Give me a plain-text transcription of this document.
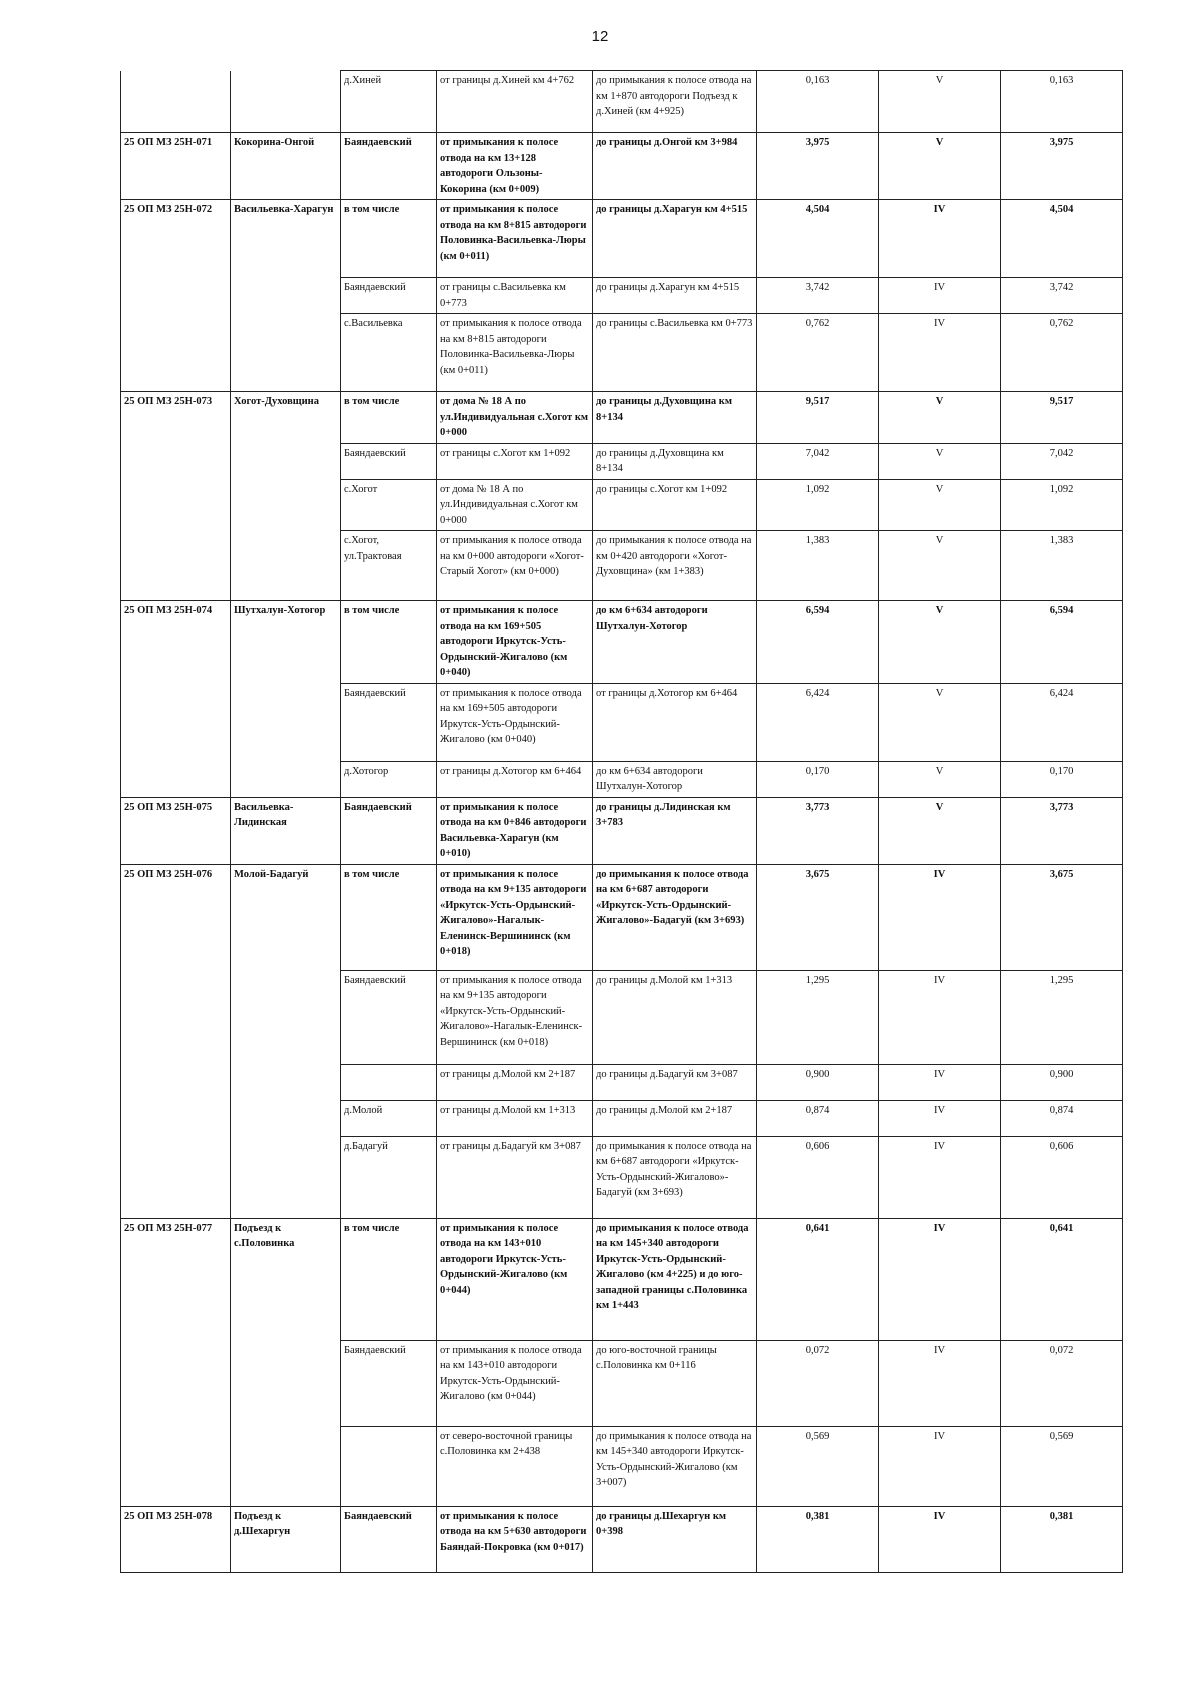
12
		д.Хиней	от границы д.Хиней км 4+762	до примыкания к полосе отвода на км 1+870 автодороги Подъезд к д.Хиней (км 4+925)	0,163	V	0,163
25 ОП МЗ 25Н-071	Кокорина-Онгой	Баяндаевский	от примыкания к полосе отвода на км 13+128 автодороги Ользоны-Кокорина (км 0+009)	до границы д.Онгой км 3+984	3,975	V	3,975
25 ОП МЗ 25Н-072	Васильевка-Харагун	в том числе	от примыкания к полосе отвода на км 8+815 автодороги Половинка-Васильевка-Люры (км 0+011)	до границы д.Харагун км 4+515	4,504	IV	4,504
		Баяндаевский	от границы с.Васильевка км 0+773	до границы д.Харагун км 4+515	3,742	IV	3,742
		с.Васильевка	от примыкания к полосе отвода на км 8+815 автодороги Половинка-Васильевка-Люры (км 0+011)	до границы с.Васильевка км 0+773	0,762	IV	0,762
25 ОП МЗ 25Н-073	Хогот-Духовщина	в том числе	от дома № 18 А по ул.Индивидуальная с.Хогот км 0+000	до границы д.Духовщина км 8+134	9,517	V	9,517
		Баяндаевский	от границы с.Хогот км 1+092	до границы д.Духовщина км 8+134	7,042	V	7,042
		с.Хогот	от дома № 18 А по ул.Индивидуальная с.Хогот км 0+000	до границы с.Хогот км 1+092	1,092	V	1,092
		с.Хогот, ул.Трактовая	от примыкания к полосе отвода на км 0+000 автодороги «Хогот-Старый Хогот» (км 0+000)	до примыкания к полосе отвода на км 0+420 автодороги «Хогот-Духовщина» (км 1+383)	1,383	V	1,383
25 ОП МЗ 25Н-074	Шутхалун-Хотогор	в том числе	от примыкания к полосе отвода на км 169+505 автодороги Иркутск-Усть-Ордынский-Жигалово (км 0+040)	до км 6+634 автодороги Шутхалун-Хотогор	6,594	V	6,594
		Баяндаевский	от примыкания к полосе отвода на км 169+505 автодороги Иркутск-Усть-Ордынский-Жигалово (км 0+040)	от границы д.Хотогор км 6+464	6,424	V	6,424
		д.Хотогор	от границы д.Хотогор км 6+464	до км 6+634 автодороги Шутхалун-Хотогор	0,170	V	0,170
25 ОП МЗ 25Н-075	Васильевка-Лидинская	Баяндаевский	от примыкания к полосе отвода на км 0+846 автодороги Васильевка-Харагун (км 0+010)	до границы д.Лидинская км 3+783	3,773	V	3,773
25 ОП МЗ 25Н-076	Молой-Бадагуй	в том числе	от примыкания к полосе отвода на км 9+135 автодороги «Иркутск-Усть-Ордынский-Жигалово»-Нагалык-Еленинск-Вершининск (км 0+018)	до примыкания к полосе отвода на км 6+687 автодороги «Иркутск-Усть-Ордынский-Жигалово»-Бадагуй (км 3+693)	3,675	IV	3,675
		Баяндаевский	от примыкания к полосе отвода на км 9+135 автодороги «Иркутск-Усть-Ордынский-Жигалово»-Нагалык-Еленинск-Вершининск (км 0+018)	до границы д.Молой км 1+313	1,295	IV	1,295
			от границы д.Молой км 2+187	до границы д.Бадагуй км 3+087	0,900	IV	0,900
		д.Молой	от границы д.Молой км 1+313	до границы д.Молой км 2+187	0,874	IV	0,874
		д.Бадагуй	от границы д.Бадагуй км 3+087	до примыкания к полосе отвода на км 6+687 автодороги «Иркутск-Усть-Ордынский-Жигалово»-Бадагуй (км 3+693)	0,606	IV	0,606
25 ОП МЗ 25Н-077	Подъезд к с.Половинка	в том числе	от примыкания к полосе отвода на км 143+010 автодороги Иркутск-Усть-Ордынский-Жигалово (км 0+044)	до примыкания к полосе отвода на км 145+340 автодороги Иркутск-Усть-Ордынский-Жигалово (км 4+225) и до юго-западной границы с.Половинка км 1+443	0,641	IV	0,641
		Баяндаевский	от примыкания к полосе отвода на км 143+010 автодороги Иркутск-Усть-Ордынский-Жигалово (км 0+044)	до юго-восточной границы с.Половинка км 0+116	0,072	IV	0,072
			от северо-восточной границы с.Половинка км 2+438	до примыкания к полосе отвода на км 145+340 автодороги Иркутск-Усть-Ордынский-Жигалово (км 3+007)	0,569	IV	0,569
25 ОП МЗ 25Н-078	Подъезд к д.Шехаргун	Баяндаевский	от примыкания к полосе отвода на км 5+630 автодороги Баяндай-Покровка (км 0+017)	до границы д.Шехаргун км 0+398	0,381	IV	0,381
